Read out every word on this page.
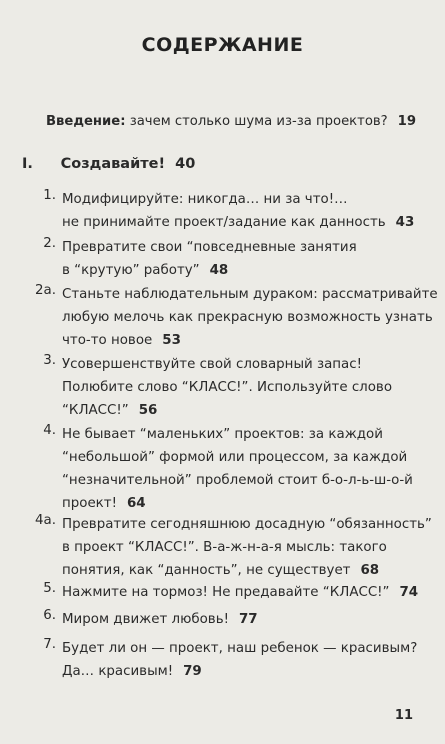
СОДЕРЖАНИЕ
Введение: зачем столько шума из-за проектов? 19
I. Создавайте! 40
1. Модифицируйте: никогда… ни за что!…
не принимайте проект/задание как данность 43
2. Превратите свои “повседневные занятия
в “крутую” работу” 48
2a. Станьте наблюдательным дураком: рассматривайте
любую мелочь как прекрасную возможность узнать
что-то новое 53
3. Усовершенствуйте свой словарный запас!
Полюбите слово “КЛАСС!”. Используйте слово
“КЛАСС!” 56
4. Не бывает “маленьких” проектов: за каждой
“небольшой” формой или процессом, за каждой
“незначительной” проблемой стоит б-о-л-ь-ш-о-й
проект! 64
4a. Превратите сегодняшнюю досадную “обязанность”
в проект “КЛАСС!”. В-а-ж-н-а-я мысль: такого
понятия, как “данность”, не существует 68
5. Нажмите на тормоз! Не предавайте “КЛАСС!” 74
6. Миром движет любовь! 77
7. Будет ли он — проект, наш ребенок — красивым?
Да… красивым! 79
11
